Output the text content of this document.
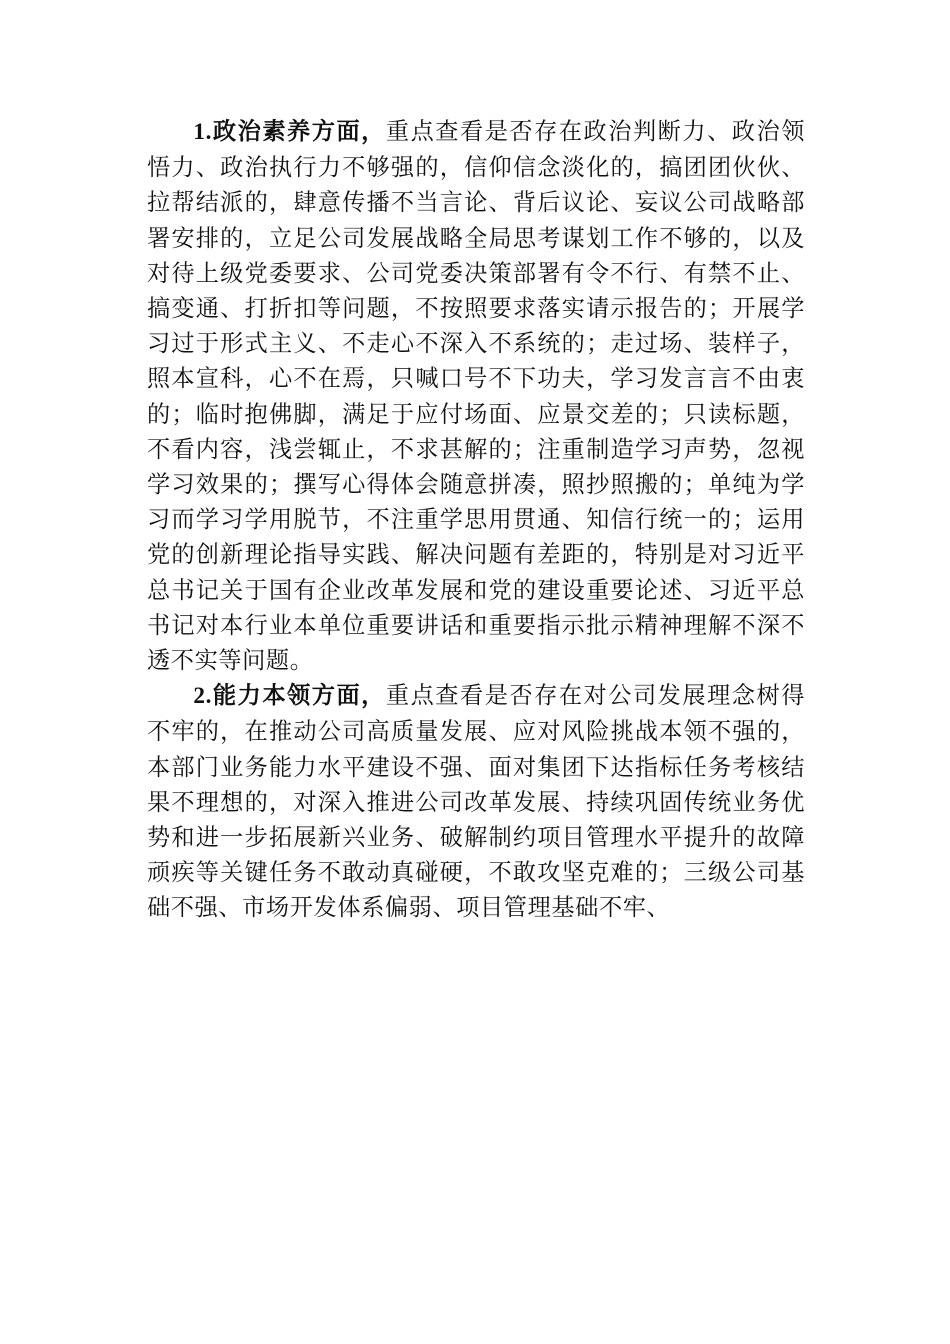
1.政治素养方面，重点查看是否存在政治判断力、政治领悟力、政治执行力不够强的，信仰信念淡化的，搞团团伙伙、拉帮结派的，肆意传播不当言论、背后议论、妄议公司战略部署安排的，立足公司发展战略全局思考谋划工作不够的，以及对待上级党委要求、公司党委决策部署有令不行、有禁不止、搞变通、打折扣等问题，不按照要求落实请示报告的；开展学习过于形式主义、不走心不深入不系统的；走过场、装样子，照本宣科，心不在焉，只喊口号不下功夫，学习发言言不由衷的；临时抱佛脚，满足于应付场面、应景交差的；只读标题，不看内容，浅尝辄止，不求甚解的；注重制造学习声势，忽视学习效果的；撰写心得体会随意拼凑，照抄照搬的；单纯为学习而学习学用脱节，不注重学思用贯通、知信行统一的；运用党的创新理论指导实践、解决问题有差距的，特别是对习近平总书记关于国有企业改革发展和党的建设重要论述、习近平总书记对本行业本单位重要讲话和重要指示批示精神理解不深不透不实等问题。

2.能力本领方面，重点查看是否存在对公司发展理念树得不牢的，在推动公司高质量发展、应对风险挑战本领不强的，本部门业务能力水平建设不强、面对集团下达指标任务考核结果不理想的，对深入推进公司改革发展、持续巩固传统业务优势和进一步拓展新兴业务、破解制约项目管理水平提升的故障顽疾等关键任务不敢动真碰硬，不敢攻坚克难的；三级公司基础不强、市场开发体系偏弱、项目管理基础不牢、
